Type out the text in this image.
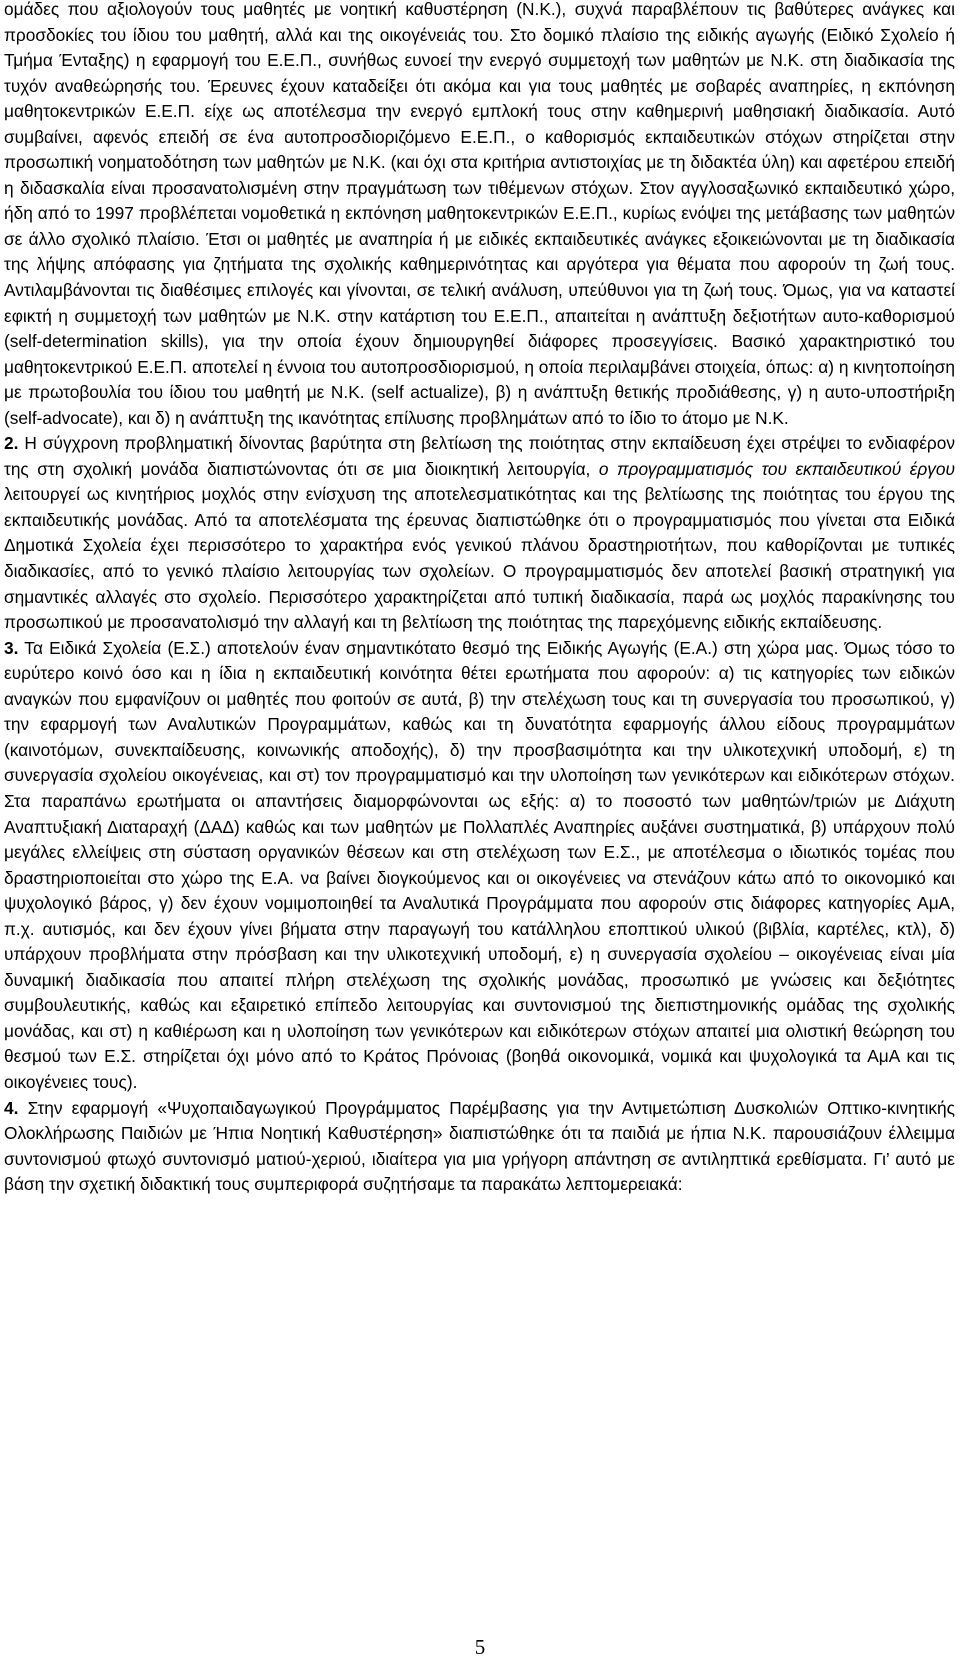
ομάδες που αξιολογούν τους μαθητές με νοητική καθυστέρηση (Ν.Κ.), συχνά παραβλέπουν τις βαθύτερες ανάγκες και προσδοκίες του ίδιου του μαθητή, αλλά και της οικογένειάς του. Στο δομικό πλαίσιο της ειδικής αγωγής (Ειδικό Σχολείο ή Τμήμα Ένταξης) η εφαρμογή του Ε.Ε.Π., συνήθως ευνοεί την ενεργό συμμετοχή των μαθητών με Ν.Κ. στη διαδικασία της τυχόν αναθεώρησής του. Έρευνες έχουν καταδείξει ότι ακόμα και για τους μαθητές με σοβαρές αναπηρίες, η εκπόνηση μαθητοκεντρικών Ε.Ε.Π. είχε ως αποτέλεσμα την ενεργό εμπλοκή τους στην καθημερινή μαθησιακή διαδικασία. Αυτό συμβαίνει, αφενός επειδή σε ένα αυτοπροσδιοριζόμενο Ε.Ε.Π., ο καθορισμός εκπαιδευτικών στόχων στηρίζεται στην προσωπική νοηματοδότηση των μαθητών με Ν.Κ. (και όχι στα κριτήρια αντιστοιχίας με τη διδακτέα ύλη) και αφετέρου επειδή η διδασκαλία είναι προσανατολισμένη στην πραγμάτωση των τιθέμενων στόχων. Στον αγγλοσαξωνικό εκπαιδευτικό χώρο, ήδη από το 1997 προβλέπεται νομοθετικά η εκπόνηση μαθητοκεντρικών Ε.Ε.Π., κυρίως ενόψει της μετάβασης των μαθητών σε άλλο σχολικό πλαίσιο. Έτσι οι μαθητές με αναπηρία ή με ειδικές εκπαιδευτικές ανάγκες εξοικειώνονται με τη διαδικασία της λήψης απόφασης για ζητήματα της σχολικής καθημερινότητας και αργότερα για θέματα που αφορούν τη ζωή τους. Αντιλαμβάνονται τις διαθέσιμες επιλογές και γίνονται, σε τελική ανάλυση, υπεύθυνοι για τη ζωή τους. Όμως, για να καταστεί εφικτή η συμμετοχή των μαθητών με Ν.Κ. στην κατάρτιση του Ε.Ε.Π., απαιτείται η ανάπτυξη δεξιοτήτων αυτο-καθορισμού (self-determination skills), για την οποία έχουν δημιουργηθεί διάφορες προσεγγίσεις. Βασικό χαρακτηριστικό του μαθητοκεντρικού Ε.Ε.Π. αποτελεί η έννοια του αυτοπροσδιορισμού, η οποία περιλαμβάνει στοιχεία, όπως: α) η κινητοποίηση με πρωτοβουλία του ίδιου του μαθητή με Ν.Κ. (self actualize), β) η ανάπτυξη θετικής προδιάθεσης, γ) η αυτο-υποστήριξη (self-advocate), και δ) η ανάπτυξη της ικανότητας επίλυσης προβλημάτων από το ίδιο το άτομο με Ν.Κ.

2. Η σύγχρονη προβληματική δίνοντας βαρύτητα στη βελτίωση της ποιότητας στην εκπαίδευση έχει στρέψει το ενδιαφέρον της στη σχολική μονάδα διαπιστώνοντας ότι σε μια διοικητική λειτουργία, ο προγραμματισμός του εκπαιδευτικού έργου λειτουργεί ως κινητήριος μοχλός στην ενίσχυση της αποτελεσματικότητας και της βελτίωσης της ποιότητας του έργου της εκπαιδευτικής μονάδας. Από τα αποτελέσματα της έρευνας διαπιστώθηκε ότι ο προγραμματισμός που γίνεται στα Ειδικά Δημοτικά Σχολεία έχει περισσότερο το χαρακτήρα ενός γενικού πλάνου δραστηριοτήτων, που καθορίζονται με τυπικές διαδικασίες, από το γενικό πλαίσιο λειτουργίας των σχολείων. Ο προγραμματισμός δεν αποτελεί βασική στρατηγική για σημαντικές αλλαγές στο σχολείο. Περισσότερο χαρακτηρίζεται από τυπική διαδικασία, παρά ως μοχλός παρακίνησης του προσωπικού με προσανατολισμό την αλλαγή και τη βελτίωση της ποιότητας της παρεχόμενης ειδικής εκπαίδευσης.

3. Τα Ειδικά Σχολεία (Ε.Σ.) αποτελούν έναν σημαντικότατο θεσμό της Ειδικής Αγωγής (Ε.Α.) στη χώρα μας. Όμως τόσο το ευρύτερο κοινό όσο και η ίδια η εκπαιδευτική κοινότητα θέτει ερωτήματα που αφορούν: α) τις κατηγορίες των ειδικών αναγκών που εμφανίζουν οι μαθητές που φοιτούν σε αυτά, β) την στελέχωση τους και τη συνεργασία του προσωπικού, γ) την εφαρμογή των Αναλυτικών Προγραμμάτων, καθώς και τη δυνατότητα εφαρμογής άλλου είδους προγραμμάτων (καινοτόμων, συνεκπαίδευσης, κοινωνικής αποδοχής), δ) την προσβασιμότητα και την υλικοτεχνική υποδομή, ε) τη συνεργασία σχολείου οικογένειας, και στ) τον προγραμματισμό και την υλοποίηση των γενικότερων και ειδικότερων στόχων. Στα παραπάνω ερωτήματα οι απαντήσεις διαμορφώνονται ως εξής: α) το ποσοστό των μαθητών/τριών με Διάχυτη Αναπτυξιακή Διαταραχή (ΔΑΔ) καθώς και των μαθητών με Πολλαπλές Αναπηρίες αυξάνει συστηματικά, β) υπάρχουν πολύ μεγάλες ελλείψεις στη σύσταση οργανικών θέσεων και στη στελέχωση των Ε.Σ., με αποτέλεσμα ο ιδιωτικός τομέας που δραστηριοποιείται στο χώρο της Ε.Α. να βαίνει διογκούμενος και οι οικογένειες να στενάζουν κάτω από το οικονομικό και ψυχολογικό βάρος, γ) δεν έχουν νομιμοποιηθεί τα Αναλυτικά Προγράμματα που αφορούν στις διάφορες κατηγορίες ΑμΑ, π.χ. αυτισμός, και δεν έχουν γίνει βήματα στην παραγωγή του κατάλληλου εποπτικού υλικού (βιβλία, καρτέλες, κτλ), δ) υπάρχουν προβλήματα στην πρόσβαση και την υλικοτεχνική υποδομή, ε) η συνεργασία σχολείου – οικογένειας είναι μία δυναμική διαδικασία που απαιτεί πλήρη στελέχωση της σχολικής μονάδας, προσωπικό με γνώσεις και δεξιότητες συμβουλευτικής, καθώς και εξαιρετικό επίπεδο λειτουργίας και συντονισμού της διεπιστημονικής ομάδας της σχολικής μονάδας, και στ) η καθιέρωση και η υλοποίηση των γενικότερων και ειδικότερων στόχων απαιτεί μια ολιστική θεώρηση του θεσμού των Ε.Σ. στηρίζεται όχι μόνο από το Κράτος Πρόνοιας (βοηθά οικονομικά, νομικά και ψυχολογικά τα ΑμΑ και τις οικογένειες τους).

4. Στην εφαρμογή «Ψυχοπαιδαγωγικού Προγράμματος Παρέμβασης για την Αντιμετώπιση Δυσκολιών Οπτικο-κινητικής Ολοκλήρωσης Παιδιών με Ήπια Νοητική Καθυστέρηση» διαπιστώθηκε ότι τα παιδιά με ήπια Ν.Κ. παρουσιάζουν έλλειμμα συντονισμού φτωχό συντονισμό ματιού-χεριού, ιδιαίτερα για μια γρήγορη απάντηση σε αντιληπτικά ερεθίσματα. Γι’ αυτό με βάση την σχετική διδακτική τους συμπεριφορά συζητήσαμε τα παρακάτω λεπτομερειακά:

5
